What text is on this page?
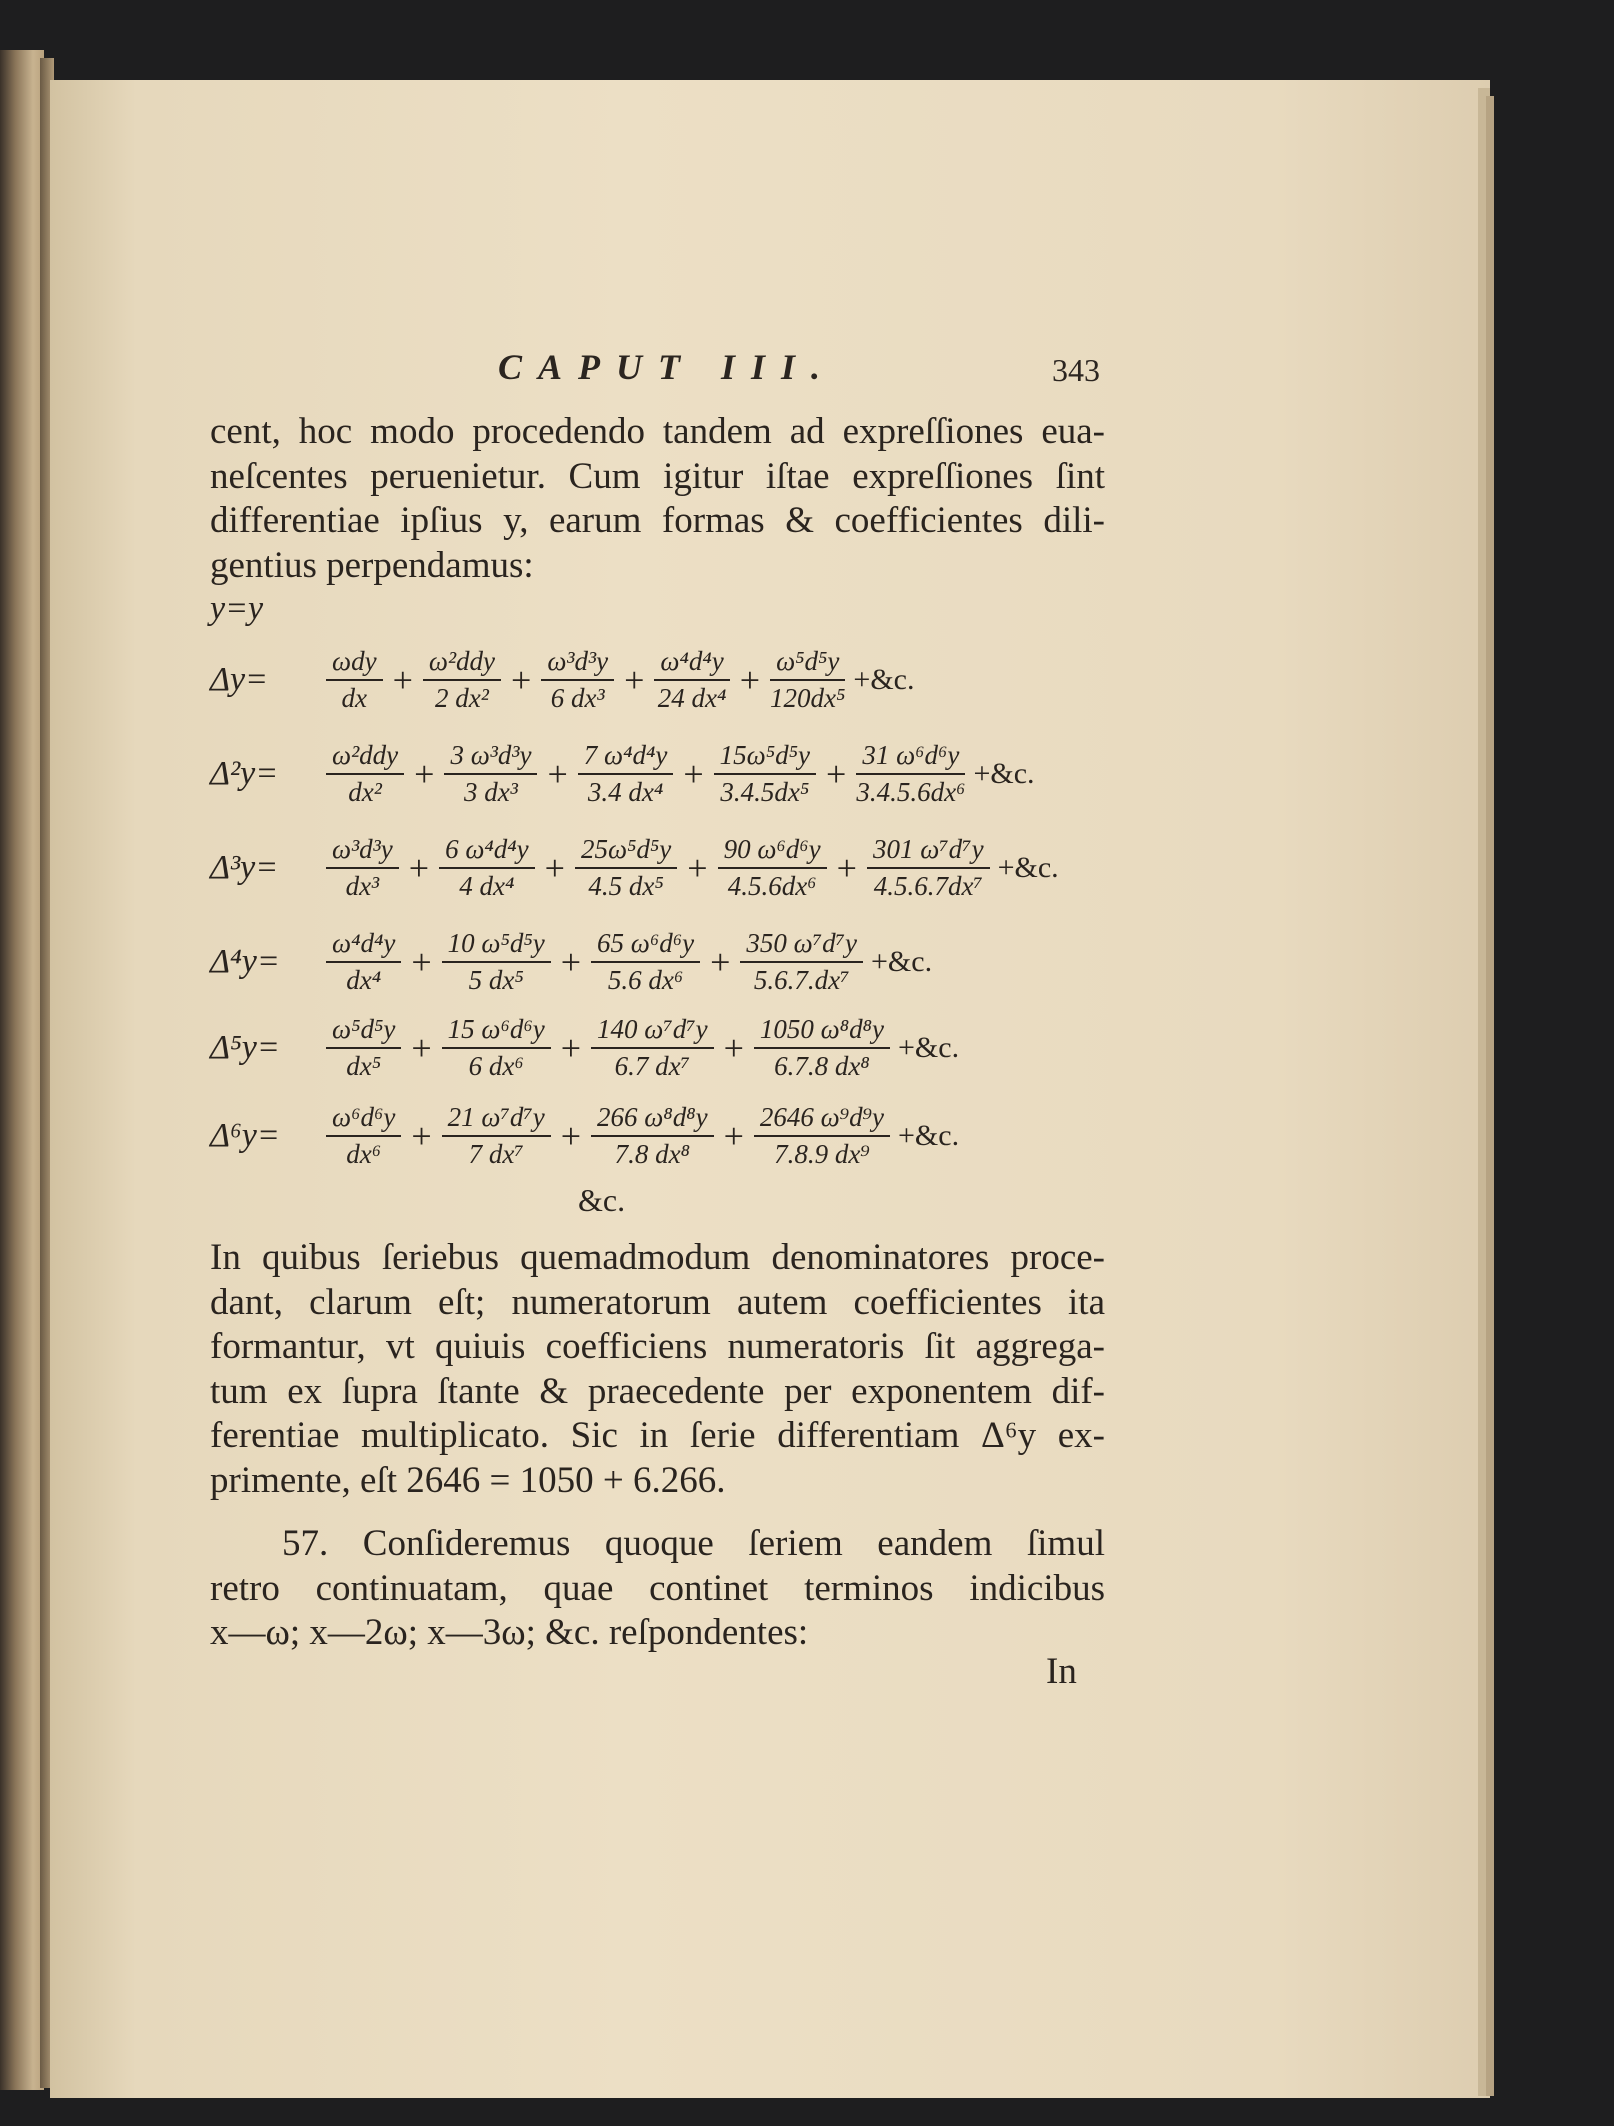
CAPUT III.	343
cent, hoc modo procedendo tandem ad expreſſiones eua-
neſcentes peruenietur. Cum igitur iſtae expreſſiones ſint
differentiae ipſius y, earum formas & coefficientes dili-
gentius perpendamus:
y=y
Δy=	$\frac{\text{ωdy}}{dx} + \frac{\text{ω²ddy}}{\text{2 dx²}} + \frac{\text{ω³d³y}}{\text{6 dx³}} + \frac{\text{ω⁴d⁴y}}{\text{24 dx⁴}} + \frac{\text{ω⁵d⁵y}}{\text{120dx⁵}}$ +&c.
Δ²y=	$\frac{\text{ω²ddy}}{\text{dx²}} + \frac{\text{3 ω³d³y}}{\text{3 dx³}} + \frac{\text{7 ω⁴d⁴y}}{\text{3.4 dx⁴}} + \frac{\text{15ω⁵d⁵y}}{\text{3.4.5dx⁵}} + \frac{\text{31 ω⁶d⁶y}}{\text{3.4.5.6dx⁶}}$ +&c.
Δ³y=	$\frac{\text{ω³d³y}}{\text{dx³}} + \frac{\text{6 ω⁴d⁴y}}{\text{4 dx⁴}} + \frac{\text{25ω⁵d⁵y}}{\text{4.5 dx⁵}} + \frac{\text{90 ω⁶d⁶y}}{\text{4.5.6dx⁶}} + \frac{\text{301 ω⁷d⁷y}}{\text{4.5.6.7dx⁷}}$ +&c.
Δ⁴y=	$\frac{\text{ω⁴d⁴y}}{\text{dx⁴}} + \frac{\text{10 ω⁵d⁵y}}{\text{5 dx⁵}} + \frac{\text{65 ω⁶d⁶y}}{\text{5.6 dx⁶}} + \frac{\text{350 ω⁷d⁷y}}{\text{5.6.7.dx⁷}}$ +&c.
Δ⁵y=	$\frac{\text{ω⁵d⁵y}}{\text{dx⁵}} + \frac{\text{15 ω⁶d⁶y}}{\text{6 dx⁶}} + \frac{\text{140 ω⁷d⁷y}}{\text{6.7 dx⁷}} + \frac{\text{1050 ω⁸d⁸y}}{\text{6.7.8 dx⁸}}$ +&c.
Δ⁶y=	$\frac{\text{ω⁶d⁶y}}{\text{dx⁶}} + \frac{\text{21 ω⁷d⁷y}}{\text{7 dx⁷}} + \frac{\text{266 ω⁸d⁸y}}{\text{7.8 dx⁸}} + \frac{\text{2646 ω⁹d⁹y}}{\text{7.8.9 dx⁹}}$ +&c.
&c.
In quibus ſeriebus quemadmodum denominatores proce-
dant, clarum eſt; numeratorum autem coefficientes ita
formantur, vt quiuis coefficiens numeratoris ſit aggrega-
tum ex ſupra ſtante & praecedente per exponentem dif-
ferentiae multiplicato. Sic in ſerie differentiam Δ⁶y ex-
primente, eſt 2646 = 1050 + 6.266.
57. Conſideremus quoque ſeriem eandem ſimul
retro continuatam, quae continet terminos indicibus
x—ω; x—2ω; x—3ω; &c. reſpondentes:
In
